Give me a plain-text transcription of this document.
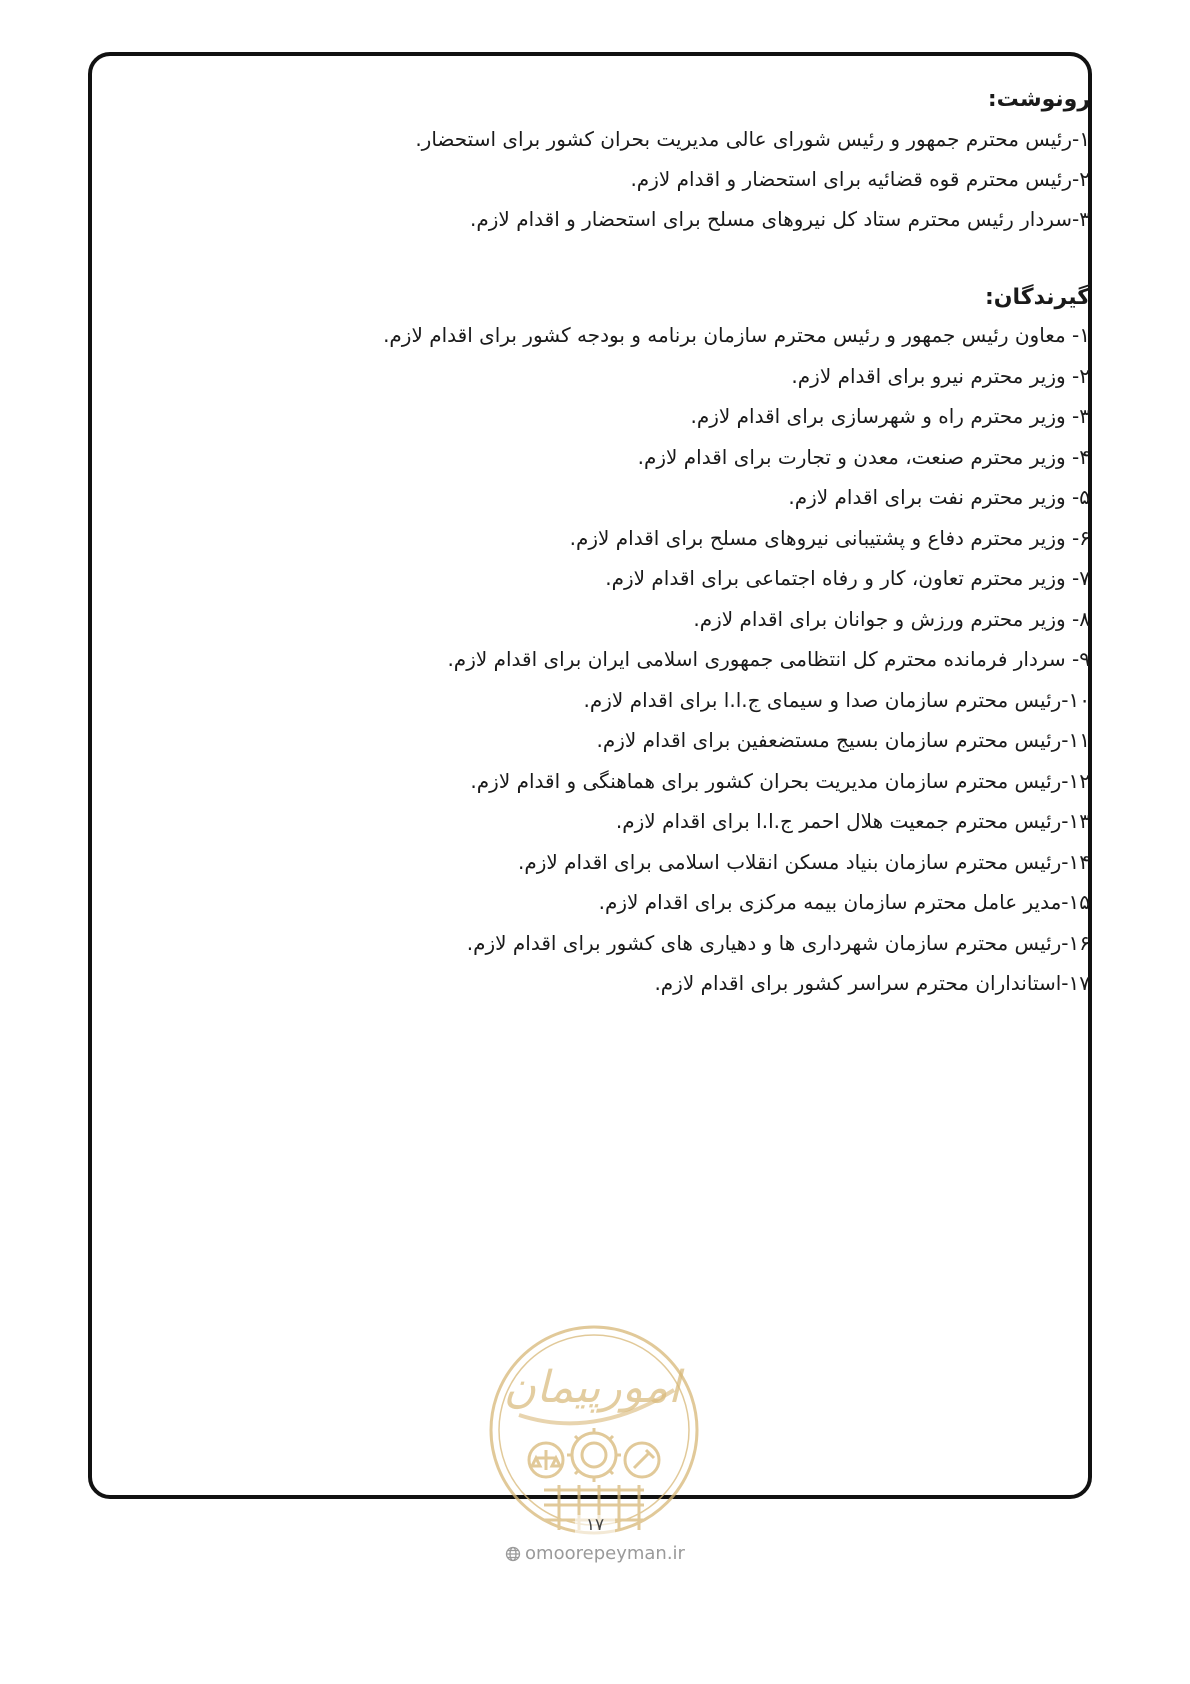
رونوشت:

۱-رئیس محترم جمهور و رئیس شورای عالی مدیریت بحران کشور برای استحضار.

۲-رئیس محترم قوه قضائیه برای استحضار و اقدام لازم.

۳-سردار رئیس محترم ستاد کل نیروهای مسلح برای استحضار و اقدام لازم.

گیرندگان:

۱- معاون رئیس جمهور و رئیس محترم سازمان برنامه و بودجه کشور برای اقدام لازم.

۲- وزیر محترم نیرو برای اقدام لازم.

۳- وزیر محترم راه و شهرسازی برای اقدام لازم.

۴- وزیر محترم صنعت، معدن و تجارت برای اقدام لازم.

۵- وزیر محترم نفت برای اقدام لازم.

۶- وزیر محترم دفاع و پشتیبانی نیروهای مسلح برای اقدام لازم.

۷- وزیر محترم تعاون، کار و رفاه اجتماعی برای اقدام لازم.

۸- وزیر محترم ورزش و جوانان برای اقدام لازم.

۹- سردار فرمانده محترم کل انتظامی جمهوری اسلامی ایران برای اقدام لازم.

۱۰-رئیس محترم سازمان صدا و سیمای ج.ا.ا برای اقدام لازم.

۱۱-رئیس محترم سازمان بسیج مستضعفین برای اقدام لازم.

۱۲-رئیس محترم سازمان مدیریت بحران کشور برای هماهنگی و اقدام لازم.

۱۳-رئیس محترم جمعیت هلال احمر ج.ا.ا برای اقدام لازم.

۱۴-رئیس محترم سازمان بنیاد مسکن انقلاب اسلامی برای اقدام لازم.

۱۵-مدیر عامل محترم سازمان بیمه مرکزی برای اقدام لازم.

۱۶-رئیس محترم سازمان شهرداری ها و دهیاری های کشور برای اقدام لازم.

۱۷-استانداران محترم سراسر کشور برای اقدام لازم.

امورپیمان
۱۷
omoorepeyman.ir
